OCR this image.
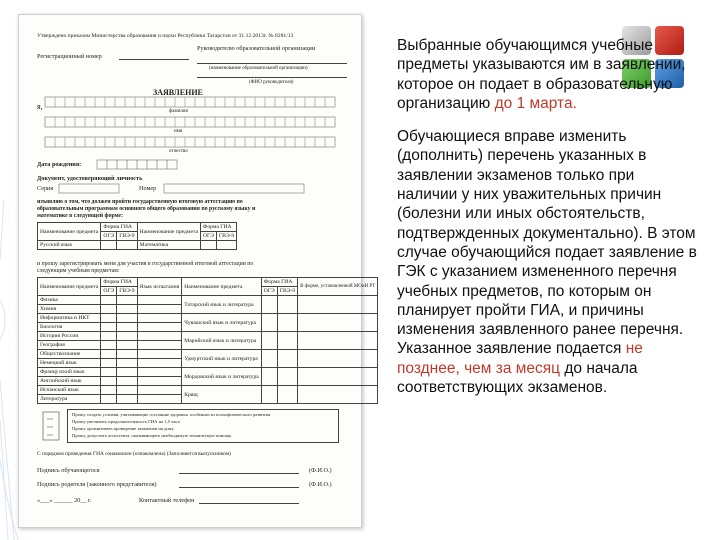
Утверждено приказом Министерства образования и науки Республики Татарстан от 31.12.2013г. № 8281/13
Регистрационный номер
Руководителю образовательной организации
(наименование образовательной организации)
(ФИО руководителя)
ЗАЯВЛЕНИЕ
я,
фамилия
имя
отчество
Дата рождения:
Документ, удостоверяющий личность
Серия	Номер
изъявляю о том, что должен пройти государственную итоговую аттестацию по
образовательным программам основного общего образования по русскому языку и
математике в следующей форме:
Наименование предмета	Форма ГИА		Наименование предмета	Форма ГИА	
	ОГЭ	ГВЭ-9		ОГЭ	ГВЭ-9
Русский язык			Математика		
и прошу зарегистрировать меня для участия в государственной итоговой аттестации по
следующим учебным предметам:
Наименование предмета	Форма ГИА		Язык испытания	Наименование предмета	Форма ГИА		В форме, установленной МОиН РТ
	ОГЭ	ГВЭ-9			ОГЭ	ГВЭ-9	
Физика				Татарский язык и литература			
Химия							
Информатика и ИКТ				Чувашский язык и литература			
Биология							
История России				Марийский язык и литература			
География							
Обществознание				Удмуртский язык и литература			
Немецкий язык							
Французский язык				Мордовский язык и литература			
Английский язык							
Испанский язык				Крящ			
Литература							
Прошу создать условия, учитывающие состояние здоровья, особенности психофизического развития
Прошу увеличить продолжительность ГИА на 1,5 часа
Прошу организовать проведение экзаменов на дому
Прошу допустить ассистента, оказывающего необходимую техническую помощь
С порядком проведения ГИА ознакомлен (ознакомлена) (Заполняется выпускником)
Подпись обучающегося	(Ф.И.О.)
Подпись родителя (законного представителя)	(Ф.И.О.)
«___» ______ 20__ г.	Контактный телефон

Выбранные обучающимся учебные предметы указываются им в заявлении, которое он подает в образовательную организацию до 1 марта.

Обучающиеся вправе изменить (дополнить) перечень указанных в заявлении экзаменов только при наличии у них уважительных причин (болезни или иных обстоятельств, подтвержденных документально). В этом случае обучающийся подает заявление в ГЭК с указанием измененного перечня учебных предметов, по которым он планирует пройти ГИА, и причины изменения заявленного ранее перечня. Указанное заявление подается не позднее, чем за месяц до начала соответствующих экзаменов.
